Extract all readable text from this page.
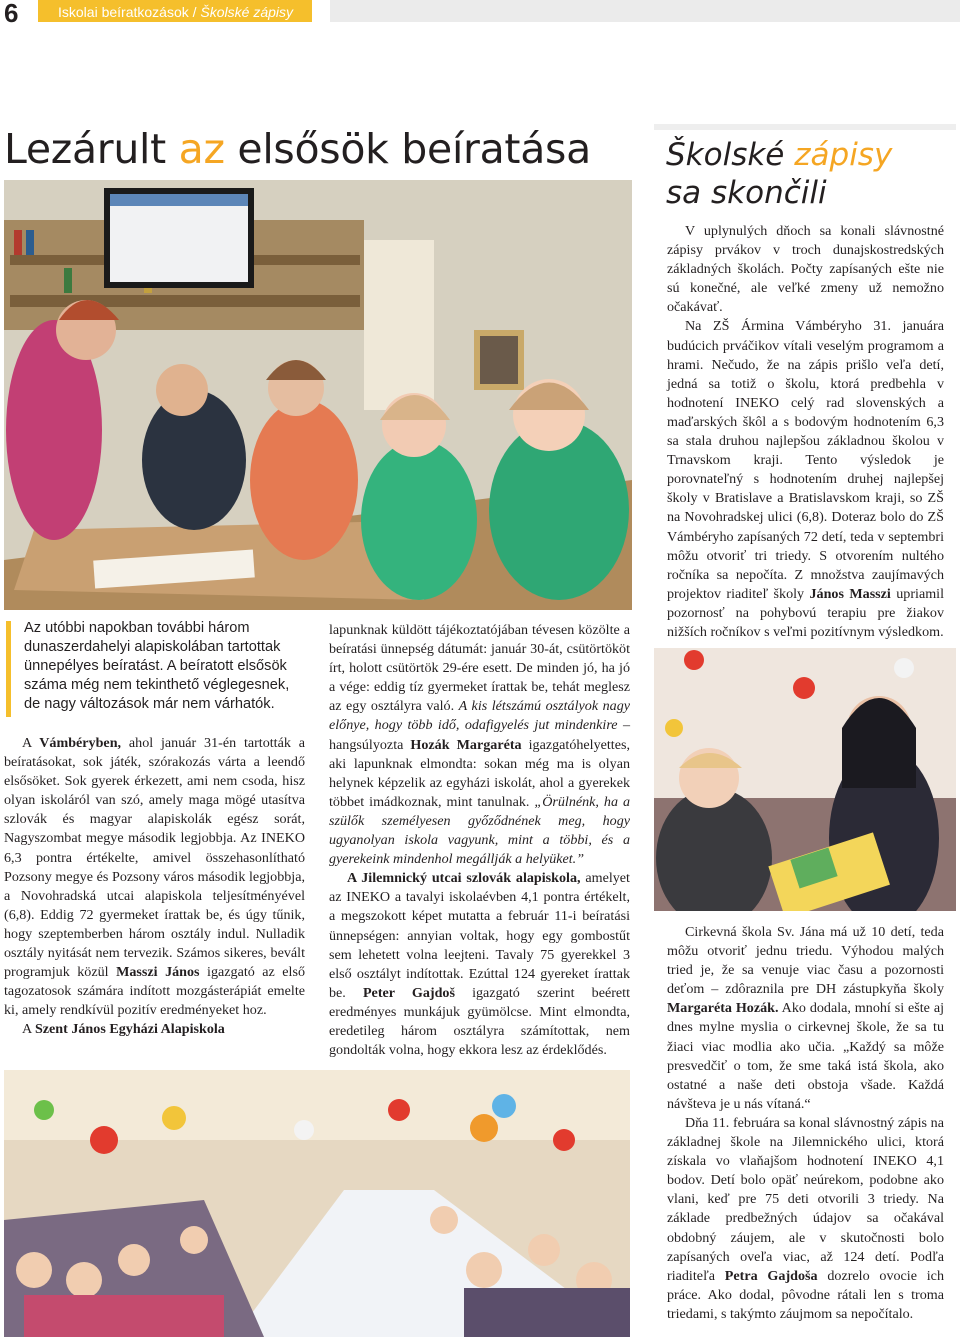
6	Iskolai beíratkozások / Školské zápisy
Lezárult az elsősök beíratása
Az utóbbi napokban további három dunaszerdahelyi alapiskolában tartottak ünnepélyes beíratást. A beíratott elsősök száma még nem tekinthető véglegesnek, de nagy változások már nem várhatók.

A Vámbéryben, ahol január 31-én tartották a beíratásokat, sok játék, szórakozás várta a leendő elsősöket. Sok gyerek érkezett, ami nem csoda, hisz olyan iskoláról van szó, amely maga mögé utasítva szlovák és magyar alapiskolák egész sorát, Nagyszombat megye második legjobbja. Az INEKO 6,3 pontra értékelte, amivel összehasonlítható Pozsony megye és Pozsony város második legjobbja, a Novohradská utcai alapiskola teljesítményével (6,8). Eddig 72 gyermeket írattak be, és úgy tűnik, hogy szeptemberben három osztály indul. Nulladik osztály nyitását nem tervezik. Számos sikeres, bevált programjuk közül Masszi János igazgató az első tagozatosok számára indított mozgásterápiát emelte ki, amely rendkívül pozitív eredményeket hoz.

A Szent János Egyházi Alapiskola

lapunknak küldött tájékoztatójában tévesen közölte a beíratási ünnepség dátumát: január 30-át, csütörtököt írt, holott csütörtök 29-ére esett. De minden jó, ha jó a vége: eddig tíz gyermeket írattak be, tehát meglesz az egy osztályra való. A kis létszámú osztályok nagy előnye, hogy több idő, odafigyelés jut mindenkire – hangsúlyozta Hozák Margaréta igazgatóhelyettes, aki lapunknak elmondta: sokan még ma is olyan helynek képzelik az egyházi iskolát, ahol a gyerekek többet imádkoznak, mint tanulnak. „Örülnénk, ha a szülők személyesen győződnének meg, hogy ugyanolyan iskola vagyunk, mint a többi, és a gyerekeink mindenhol megállják a helyüket.”

A Jilemnický utcai szlovák alapiskola, amelyet az INEKO a tavalyi iskolaévben 4,1 pontra értékelt, a megszokott képet mutatta a február 11-i beíratási ünnepségen: annyian voltak, hogy egy gombostűt sem lehetett volna leejteni. Tavaly 75 gyerekkel 3 első osztályt indítottak. Ezúttal 124 gyereket írattak be. Peter Gajdoš igazgató szerint beérett eredményes munkájuk gyümölcse. Mint elmondta, eredetileg három osztályra számítottak, nem gondolták volna, hogy ekkora lesz az érdeklődés.

Školské zápisy
sa skončili

V uplynulých dňoch sa konali slávnostné zápisy prvákov v troch dunajskostredských základných školách. Počty zapísaných ešte nie sú konečné, ale veľké zmeny už nemožno očakávať.

Na ZŠ Ármina Vámbéryho 31. januára budúcich prváčikov vítali veselým programom a hrami. Nečudo, že na zápis prišlo veľa detí, jedná sa totiž o školu, ktorá predbehla v hodnotení INEKO celý rad slovenských a maďarských škôl a s bodovým hodnotením 6,3 sa stala druhou najlepšou základnou školou v Trnavskom kraji. Tento výsledok je porovnateľný s hodnotením druhej najlepšej školy v Bratislave a Bratislavskom kraji, so ZŠ na Novohradskej ulici (6,8). Doteraz bolo do ZŠ Vámbéryho zapísaných 72 detí, teda v septembri môžu otvoriť tri triedy. S otvorením nultého ročníka sa nepočíta. Z množstva zaujímavých projektov riaditeľ školy János Masszi upriamil pozornosť na pohybovú terapiu pre žiakov nižších ročníkov s veľmi pozitívnym výsledkom.

Cirkevná škola Sv. Jána má už 10 detí, teda môžu otvoriť jednu triedu. Výhodou malých tried je, že sa venuje viac času a pozornosti deťom – zdôraznila pre DH zástupkyňa školy Margaréta Hozák. Ako dodala, mnohí si ešte aj dnes mylne myslia o cirkevnej škole, že sa tu žiaci viac modlia ako učia. „Každý sa môže presvedčiť o tom, že sme taká istá škola, ako ostatné a naše deti obstoja všade. Každá návšteva je u nás vítaná.“

Dňa 11. februára sa konal slávnostný zápis na základnej škole na Jilemnického ulici, ktorá získala vo vlaňajšom hodnotení INEKO 4,1 bodov. Detí bolo opäť neúrekom, podobne ako vlani, keď pre 75 deti otvorili 3 triedy. Na základe predbežných údajov sa očakával obdobný záujem, ale v skutočnosti bolo zapísaných oveľa viac, až 124 detí. Podľa riaditeľa Petra Gajdoša dozrelo ovocie ich práce. Ako dodal, pôvodne rátali len s troma triedami, s takýmto záujmom sa nepočítalo.
